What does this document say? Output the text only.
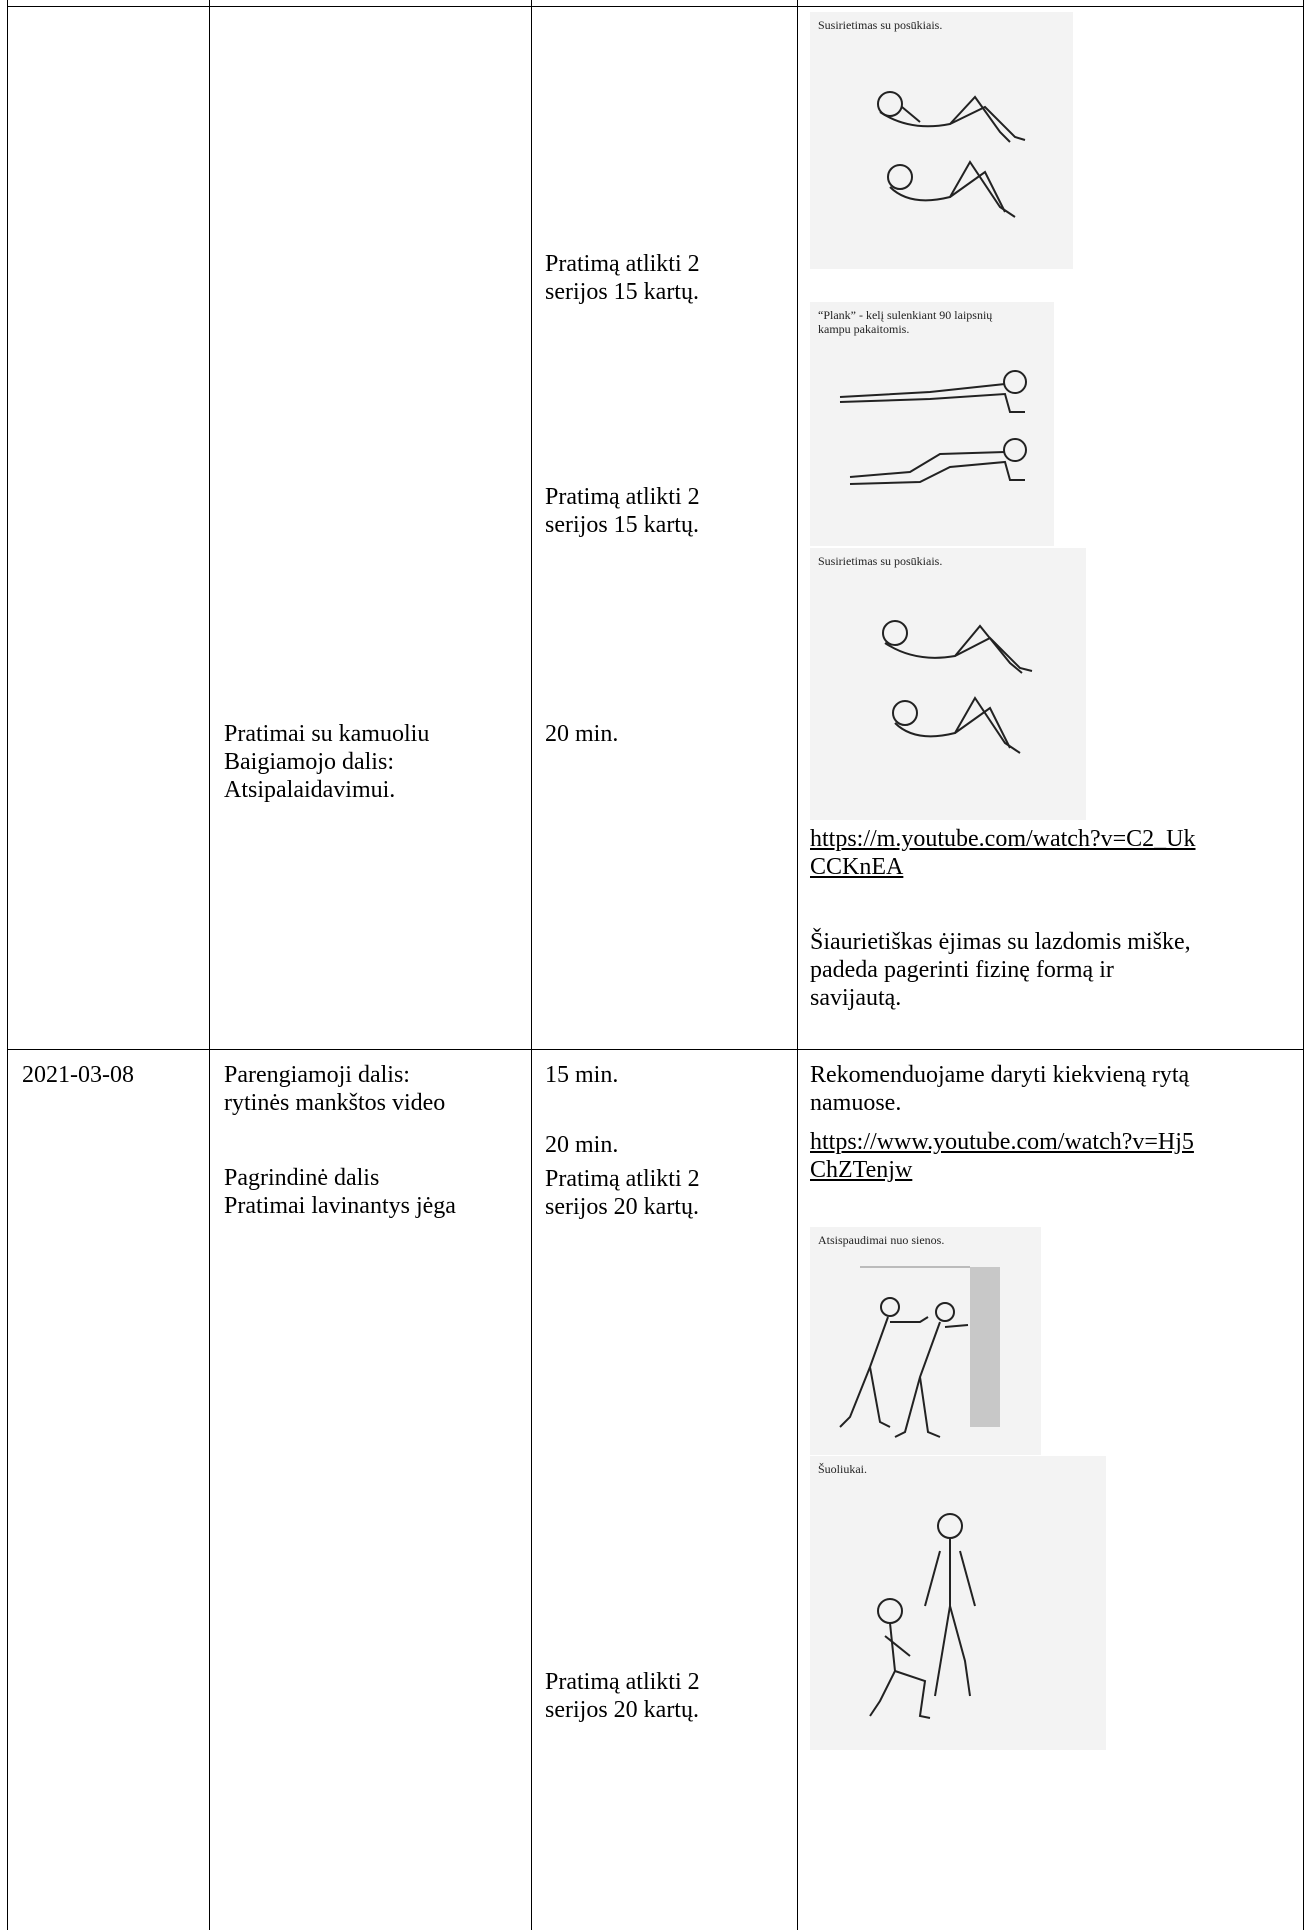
Pratimą atlikti 2
serijos 15 kartų.
Pratimą atlikti 2
serijos 15 kartų.
20 min.
Pratimai su kamuoliu
Baigiamojo dalis:
Atsipalaidavimui.
Susirietimas su posūkiais.
“Plank” - kelį sulenkiant 90 laipsnių
kampu pakaitomis.
Susirietimas su posūkiais.
https://m.youtube.com/watch?v=C2_Uk
CCKnEA
Šiaurietiškas ėjimas su lazdomis miške,
padeda pagerinti fizinę formą ir
savijautą.
2021-03-08	Parengiamoji dalis:
rytinės mankštos video
Pagrindinė dalis
Pratimai lavinantys jėga
15 min.
20 min.
Pratimą atlikti 2
serijos 20 kartų.
Pratimą atlikti 2
serijos 20 kartų.
Rekomenduojame daryti kiekvieną rytą
namuose.
https://www.youtube.com/watch?v=Hj5
ChZTenjw
Atsispaudimai nuo sienos.
Šuoliukai.
